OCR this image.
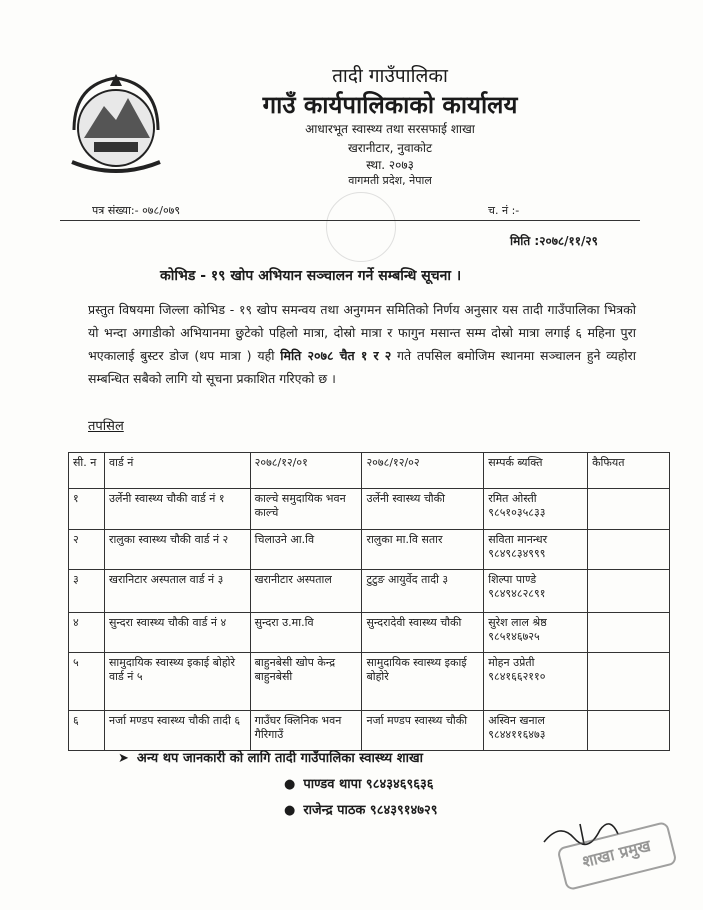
तादी गाउँपालिका
गाउँ कार्यपालिकाको कार्यालय
आधारभूत स्वास्थ्य तथा सरसफाई शाखा
खरानीटार, नुवाकोट
स्था. २०७३
वागमती प्रदेश, नेपाल
पत्र संख्या:- ०७८/०७९	च. नं :-
मिति :२०७८/११/२९
कोभिड - १९ खोप अभियान सञ्चालन गर्ने सम्बन्धि सूचना ।
प्रस्तुत विषयमा जिल्ला कोभिड - १९ खोप समन्वय तथा अनुगमन समितिको निर्णय अनुसार यस तादी गाउँपालिका भित्रको यो भन्दा अगाडीको अभियानमा छुटेको पहिलो मात्रा, दोस्रो मात्रा र फागुन मसान्त सम्म दोस्रो मात्रा लगाई ६ महिना पुरा भएकालाई बुस्टर डोज (थप मात्रा ) यही मिति २०७८ चैत १ र २ गते तपसिल बमोजिम स्थानमा सञ्चालन हुने व्यहोरा सम्बन्धित सबैको लागि यो सूचना प्रकाशित गरिएको छ ।
तपसिल
सी. न	वार्ड नं	२०७८/१२/०१	२०७८/१२/०२	सम्पर्क ब्यक्ति	कैफियत
१	उर्लेनी स्वास्थ्य चौकी वार्ड नं १	काल्चे समुदायिक भवन काल्चे	उर्लेनी स्वास्थ्य चौकी	रमित ओस्ती ९८५१०३५८३३	
२	रालुका स्वास्थ्य चौकी वार्ड नं २	चिलाउने आ.वि	रालुका मा.वि सतार	सविता मानन्धर ९८४९८३४९९९	
३	खरानिटार अस्पताल वार्ड नं ३	खरानीटार अस्पताल	टुटुङ आयुर्वेद तादी ३	शिल्पा पाण्डे ९८४९४८२८९१	
४	सुन्दरा स्वास्थ्य चौकी वार्ड नं ४	सुन्दरा उ.मा.वि	सुन्दरादेवी स्वास्थ्य चौकी	सुरेश लाल श्रेष्ठ ९८५१४६७२५	
५	सामुदायिक स्वास्थ्य इकाई बोहोरे वार्ड नं ५	बाहुनबेसी खोप केन्द्र बाहुनबेसी	सामुदायिक स्वास्थ्य इकाई बोहोरे	मोहन उप्रेती ९८४१६६२११०	
६	नर्जा मण्डप स्वास्थ्य चौकी तादी ६	गाउँघर क्लिनिक भवन गैरिगाउँ	नर्जा मण्डप स्वास्थ्य चौकी	अस्विन खनाल ९८४४११६४७३	
➤ अन्य थप जानकारी को लागि तादी गाउँपालिका स्वास्थ्य शाखा
● पाण्डव थापा ९८४३४६९६३६
● राजेन्द्र पाठक ९८४३९१४७२९
शाखा प्रमुख
